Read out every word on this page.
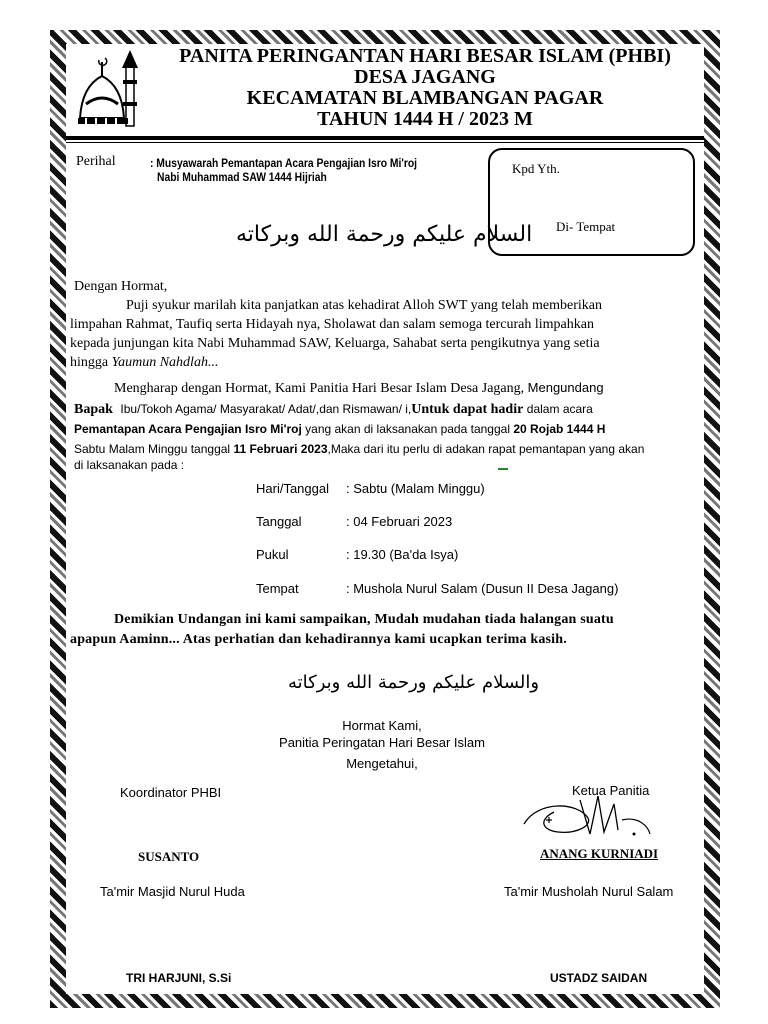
PANITA PERINGANTAN HARI BESAR ISLAM (PHBI)
DESA JAGANG
KECAMATAN BLAMBANGAN PAGAR
TAHUN 1444 H / 2023 M
Perihal	: Musyawarah Pemantapan Acara Pengajian Isro Mi'roj
Nabi Muhammad SAW 1444 Hijriah
Kpd Yth.
Di- Tempat
السلام عليكم ورحمة الله وبركاته
Dengan Hormat,
Puji syukur marilah kita panjatkan atas kehadirat Alloh SWT yang telah memberikan
limpahan Rahmat, Taufiq serta Hidayah nya, Sholawat dan salam semoga tercurah limpahkan
kepada junjungan kita Nabi Muhammad SAW, Keluarga, Sahabat serta pengikutnya yang setia
hingga Yaumun Nahdlah...
Mengharap dengan Hormat, Kami Panitia Hari Besar Islam Desa Jagang, Mengundang
Bapak Ibu/Tokoh Agama/ Masyarakat/ Adat/,dan Rismawan/ i,Untuk dapat hadir dalam acara
Pemantapan Acara Pengajian Isro Mi'roj yang akan di laksanakan pada tanggal 20 Rojab 1444 H
Sabtu Malam Minggu tanggal 11 Februari 2023,Maka dari itu perlu di adakan rapat pemantapan yang akan
di laksanakan pada :
Hari/Tanggal : Sabtu (Malam Minggu)
Tanggal	: 04 Februari 2023
Pukul	: 19.30 (Ba'da Isya)
Tempat	: Mushola Nurul Salam (Dusun II Desa Jagang)
Demikian Undangan ini kami sampaikan, Mudah mudahan tiada halangan suatu
apapun Aaminn... Atas perhatian dan kehadirannya kami ucapkan terima kasih.
والسلام عليكم ورحمة الله وبركاته
Hormat Kami,
Panitia Peringatan Hari Besar Islam
Mengetahui,
Koordinator PHBI	Ketua Panitia
SUSANTO	ANANG KURNIADI
Ta'mir Masjid Nurul Huda	Ta'mir Musholah Nurul Salam
TRI HARJUNI, S.Si	USTADZ SAIDAN
